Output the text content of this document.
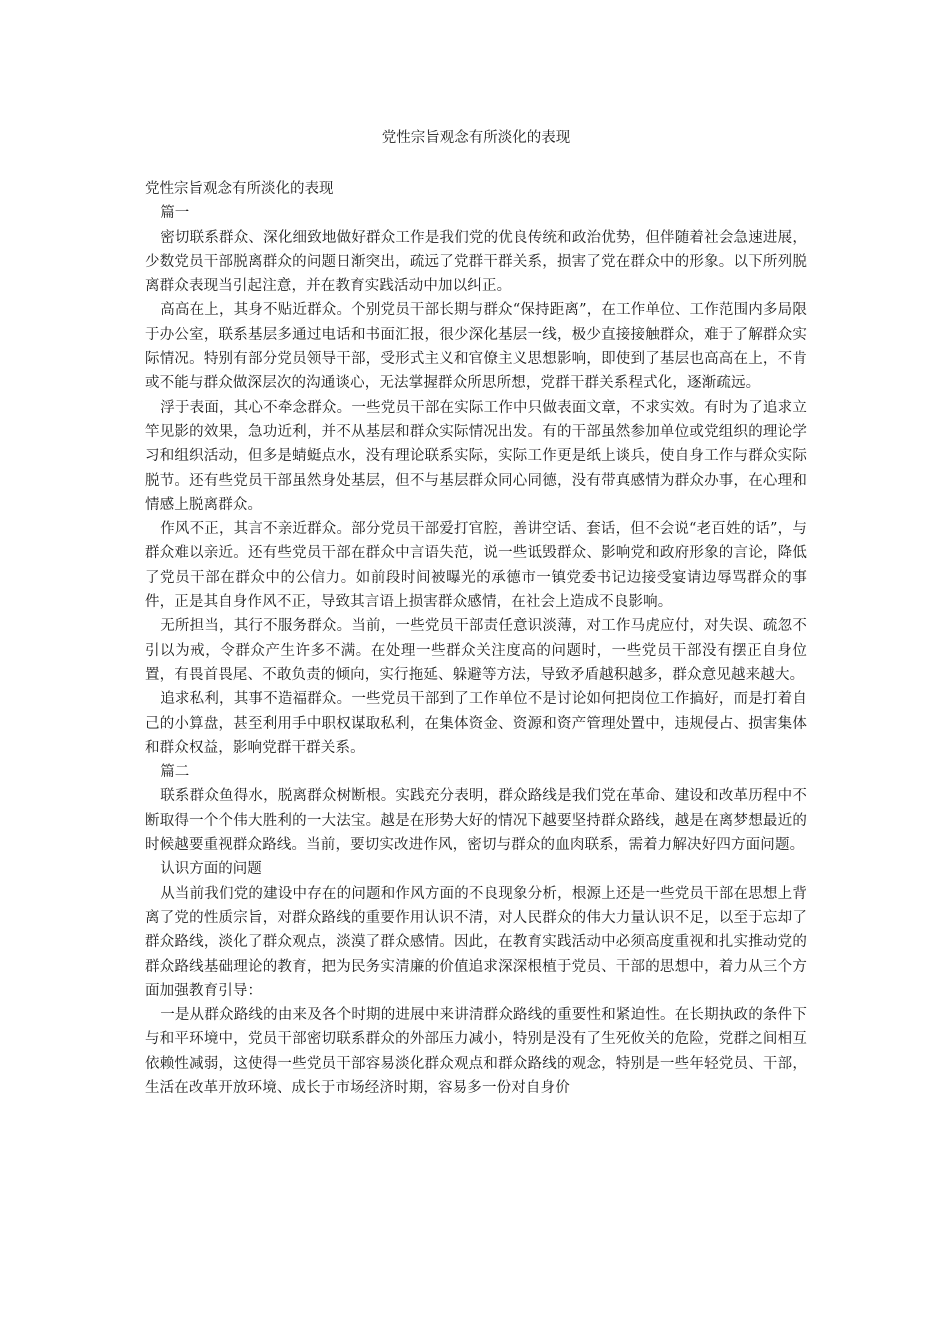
党性宗旨观念有所淡化的表现

党性宗旨观念有所淡化的表现

篇一

密切联系群众、深化细致地做好群众工作是我们党的优良传统和政治优势，但伴随着社会急速进展，少数党员干部脱离群众的问题日渐突出，疏远了党群干群关系，损害了党在群众中的形象。以下所列脱离群众表现当引起注意，并在教育实践活动中加以纠正。

高高在上，其身不贴近群众。个别党员干部长期与群众“保持距离”，在工作单位、工作范围内多局限于办公室，联系基层多通过电话和书面汇报，很少深化基层一线，极少直接接触群众，难于了解群众实际情况。特别有部分党员领导干部，受形式主义和官僚主义思想影响，即使到了基层也高高在上，不肯或不能与群众做深层次的沟通谈心，无法掌握群众所思所想，党群干群关系程式化，逐渐疏远。

浮于表面，其心不牵念群众。一些党员干部在实际工作中只做表面文章，不求实效。有时为了追求立竿见影的效果，急功近利，并不从基层和群众实际情况出发。有的干部虽然参加单位或党组织的理论学习和组织活动，但多是蜻蜓点水，没有理论联系实际，实际工作更是纸上谈兵，使自身工作与群众实际脱节。还有些党员干部虽然身处基层，但不与基层群众同心同德，没有带真感情为群众办事，在心理和情感上脱离群众。

作风不正，其言不亲近群众。部分党员干部爱打官腔，善讲空话、套话，但不会说“老百姓的话”，与群众难以亲近。还有些党员干部在群众中言语失范，说一些诋毁群众、影响党和政府形象的言论，降低了党员干部在群众中的公信力。如前段时间被曝光的承德市一镇党委书记边接受宴请边辱骂群众的事件，正是其自身作风不正，导致其言语上损害群众感情，在社会上造成不良影响。

无所担当，其行不服务群众。当前，一些党员干部责任意识淡薄，对工作马虎应付，对失误、疏忽不引以为戒，令群众产生许多不满。在处理一些群众关注度高的问题时，一些党员干部没有摆正自身位置，有畏首畏尾、不敢负责的倾向，实行拖延、躲避等方法，导致矛盾越积越多，群众意见越来越大。

追求私利，其事不造福群众。一些党员干部到了工作单位不是讨论如何把岗位工作搞好，而是打着自己的小算盘，甚至利用手中职权谋取私利，在集体资金、资源和资产管理处置中，违规侵占、损害集体和群众权益，影响党群干群关系。

篇二

联系群众鱼得水，脱离群众树断根。实践充分表明，群众路线是我们党在革命、建设和改革历程中不断取得一个个伟大胜利的一大法宝。越是在形势大好的情况下越要坚持群众路线，越是在离梦想最近的时候越要重视群众路线。当前，要切实改进作风，密切与群众的血肉联系，需着力解决好四方面问题。

认识方面的问题

从当前我们党的建设中存在的问题和作风方面的不良现象分析，根源上还是一些党员干部在思想上背离了党的性质宗旨，对群众路线的重要作用认识不清，对人民群众的伟大力量认识不足，以至于忘却了群众路线，淡化了群众观点，淡漠了群众感情。因此，在教育实践活动中必须高度重视和扎实推动党的群众路线基础理论的教育，把为民务实清廉的价值追求深深根植于党员、干部的思想中，着力从三个方面加强教育引导：

一是从群众路线的由来及各个时期的进展中来讲清群众路线的重要性和紧迫性。在长期执政的条件下与和平环境中，党员干部密切联系群众的外部压力减小，特别是没有了生死攸关的危险，党群之间相互依赖性减弱，这使得一些党员干部容易淡化群众观点和群众路线的观念，特别是一些年轻党员、干部，生活在改革开放环境、成长于市场经济时期，容易多一份对自身价
